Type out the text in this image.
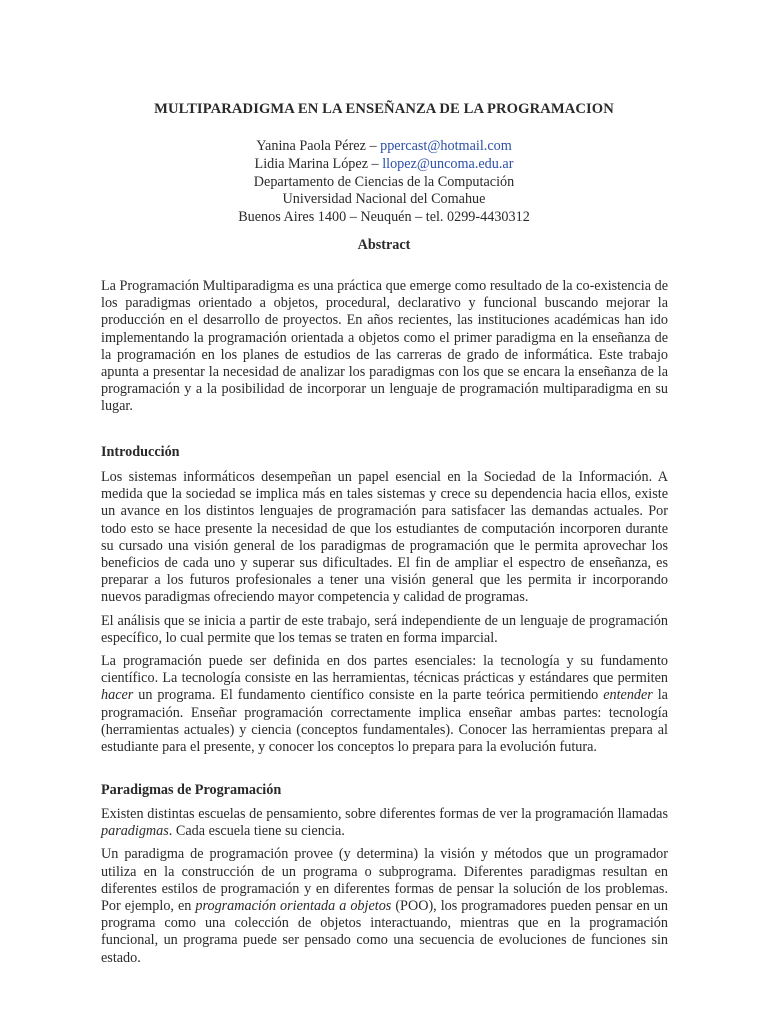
MULTIPARADIGMA EN LA ENSEÑANZA DE LA PROGRAMACION
Yanina Paola Pérez – ppercast@hotmail.com
Lidia Marina López – llopez@uncoma.edu.ar
Departamento de Ciencias de la Computación
Universidad Nacional del Comahue
Buenos Aires 1400 – Neuquén – tel. 0299-4430312
Abstract

La Programación Multiparadigma es una práctica que emerge como resultado de la co-existencia de los paradigmas orientado a objetos, procedural, declarativo y funcional buscando mejorar la producción en el desarrollo de proyectos. En años recientes, las instituciones académicas han ido implementando la programación orientada a objetos como el primer paradigma en la enseñanza de la programación en los planes de estudios de las carreras de grado de informática. Este trabajo apunta a presentar la necesidad de analizar los paradigmas con los que se encara la enseñanza de la programación y a la posibilidad de incorporar un lenguaje de programación multiparadigma en su lugar.

Introducción

Los sistemas informáticos desempeñan un papel esencial en la Sociedad de la Información. A medida que la sociedad se implica más en tales sistemas y crece su dependencia hacia ellos, existe un avance en los distintos lenguajes de programación para satisfacer las demandas actuales. Por todo esto se hace presente la necesidad de que los estudiantes de computación incorporen durante su cursado una visión general de los paradigmas de programación que le permita aprovechar los beneficios de cada uno y superar sus dificultades. El fin de ampliar el espectro de enseñanza, es preparar a los futuros profesionales a tener una visión general que les permita ir incorporando nuevos paradigmas ofreciendo mayor competencia y calidad de programas.

El análisis que se inicia a partir de este trabajo, será independiente de un lenguaje de programación específico, lo cual permite que los temas se traten en forma imparcial.

La programación puede ser definida en dos partes esenciales: la tecnología y su fundamento científico. La tecnología consiste en las herramientas, técnicas prácticas y estándares que permiten hacer un programa. El fundamento científico consiste en la parte teórica permitiendo entender la programación. Enseñar programación correctamente implica enseñar ambas partes: tecnología (herramientas actuales) y ciencia (conceptos fundamentales). Conocer las herramientas prepara al estudiante para el presente, y conocer los conceptos lo prepara para la evolución futura.

Paradigmas de Programación

Existen distintas escuelas de pensamiento, sobre diferentes formas de ver la programación llamadas paradigmas. Cada escuela tiene su ciencia.

Un paradigma de programación provee (y determina) la visión y métodos que un programador utiliza en la construcción de un programa o subprograma. Diferentes paradigmas resultan en diferentes estilos de programación y en diferentes formas de pensar la solución de los problemas. Por ejemplo, en programación orientada a objetos (POO), los programadores pueden pensar en un programa como una colección de objetos interactuando, mientras que en la programación funcional, un programa puede ser pensado como una secuencia de evoluciones de funciones sin estado.
